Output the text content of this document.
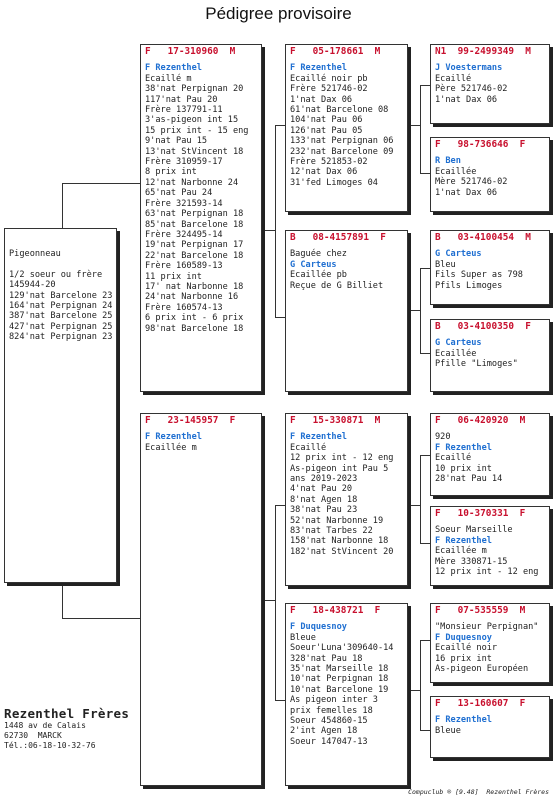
Pédigree provisoire
Pigeonneau
1/2 soeur ou frère
145944-20
129'nat Barcelone 23
164'nat Perpignan 24
387'nat Barcelone 25
427'nat Perpignan 25
824'nat Perpignan 23
F   17-310960  M
F Rezenthel
Ecaillé m
38'nat Perpignan 20
117'nat Pau 20
Frère 137791-11
3'as-pigeon int 15
15 prix int - 15 eng
9'nat Pau 15
13'nat StVincent 18
Frère 310959-17
8 prix int
12'nat Narbonne 24
65'nat Pau 24
Frère 321593-14
63'nat Perpignan 18
85'nat Barcelone 18
Frère 324495-14
19'nat Perpignan 17
22'nat Barcelone 18
Frère 160589-13
11 prix int
17' nat Narbonne 18
24'nat Narbonne 16
Frère 160574-13
6 prix int - 6 prix
98'nat Barcelone 18
F   23-145957  F
F Rezenthel
Ecaillée m
F   05-178661  M
F Rezenthel
Ecaillé noir pb
Frère 521746-02
1'nat Dax 06
61'nat Barcelone 08
104'nat Pau 06
126'nat Pau 05
133'nat Perpignan 06
232'nat Barcelone 09
Frère 521853-02
12'nat Dax 06
31'fed Limoges 04
B   08-4157891  F
Baguée chez
G Carteus
Ecaillée pb
Reçue de G Billiet
F   15-330871  M
F Rezenthel
Ecaillé
12 prix int - 12 eng
As-pigeon int Pau 5
ans 2019-2023
4'nat Pau 20
8'nat Agen 18
38'nat Pau 23
52'nat Narbonne 19
83'nat Tarbes 22
158'nat Narbonne 18
182'nat StVincent 20
F   18-438721  F
F Duquesnoy
Bleue
Soeur'Luna'309640-14
328'nat Pau 18
35'nat Marseille 18
10'nat Perpignan 18
10'nat Barcelone 19
As pigeon inter 3
prix femelles 18
Soeur 454860-15
2'int Agen 18
Soeur 147047-13
N1  99-2499349  M
J Voestermans
Ecaillé
Père 521746-02
1'nat Dax 06
F   98-736646  F
R Ben
Ecaillée
Mère 521746-02
1'nat Dax 06
B   03-4100454  M
G Carteus
Bleu
Fils Super as 798
Pfils Limoges
B   03-4100350  F
G Carteus
Ecaillée
Pfille "Limoges"
F   06-420920  M
920
F Rezenthel
Ecaillé
10 prix int
28'nat Pau 14
F   10-370331  F
Soeur Marseille
F Rezenthel
Ecaillée m
Mère 330871-15
12 prix int - 12 eng
F   07-535559  M
"Monsieur Perpignan"
F Duquesnoy
Ecaillé noir
16 prix int
As-pigeon Européen
F   13-160607  F
F Rezenthel
Bleue
Rezenthel Frères
1448 av de Calais
62730  MARCK
Tél.:06-18-10-32-76
Compuclub ® [9.48]  Rezenthel Frères
